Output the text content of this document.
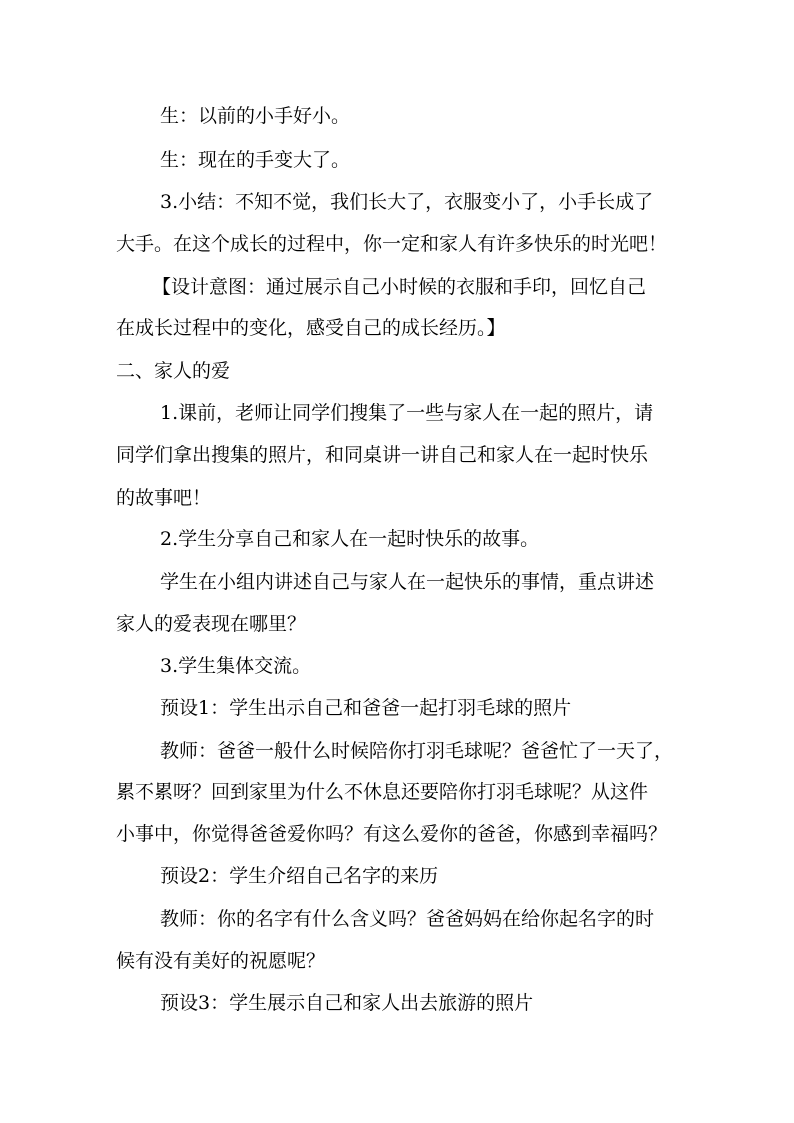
生：以前的小手好小。
生：现在的手变大了。
3.小结：不知不觉，我们长大了，衣服变小了，小手长成了
大手。在这个成长的过程中，你一定和家人有许多快乐的时光吧！
【设计意图：通过展示自己小时候的衣服和手印，回忆自己
在成长过程中的变化，感受自己的成长经历。】
二、家人的爱
1.课前，老师让同学们搜集了一些与家人在一起的照片，请
同学们拿出搜集的照片，和同桌讲一讲自己和家人在一起时快乐
的故事吧！
2.学生分享自己和家人在一起时快乐的故事。
学生在小组内讲述自己与家人在一起快乐的事情，重点讲述
家人的爱表现在哪里？
3.学生集体交流。
预设1：学生出示自己和爸爸一起打羽毛球的照片
教师：爸爸一般什么时候陪你打羽毛球呢？爸爸忙了一天了，
累不累呀？回到家里为什么不休息还要陪你打羽毛球呢？从这件
小事中，你觉得爸爸爱你吗？有这么爱你的爸爸，你感到幸福吗？
预设2：学生介绍自己名字的来历
教师：你的名字有什么含义吗？爸爸妈妈在给你起名字的时
候有没有美好的祝愿呢？
预设3：学生展示自己和家人出去旅游的照片
